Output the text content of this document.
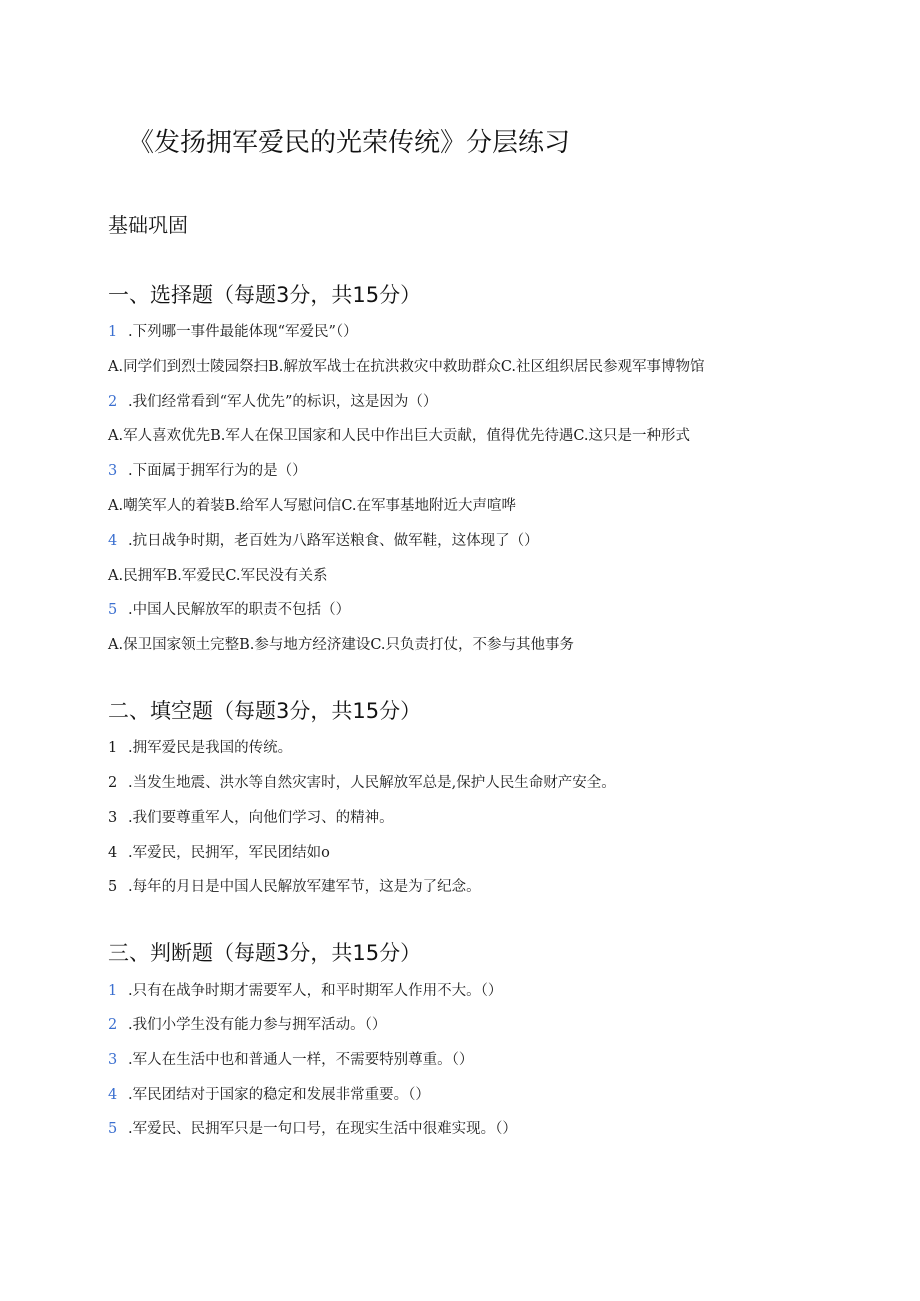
《发扬拥军爱民的光荣传统》分层练习
基础巩固
一、选择题（每题3分，共15分）
1 .下列哪一事件最能体现“军爱民”（）
A.同学们到烈士陵园祭扫B.解放军战士在抗洪救灾中救助群众C.社区组织居民参观军事博物馆
2 .我们经常看到“军人优先”的标识，这是因为（）
A.军人喜欢优先B.军人在保卫国家和人民中作出巨大贡献，值得优先待遇C.这只是一种形式
3 .下面属于拥军行为的是（）
A.嘲笑军人的着装B.给军人写慰问信C.在军事基地附近大声喧哗
4 .抗日战争时期，老百姓为八路军送粮食、做军鞋，这体现了（）
A.民拥军B.军爱民C.军民没有关系
5 .中国人民解放军的职责不包括（）
A.保卫国家领土完整B.参与地方经济建设C.只负责打仗，不参与其他事务
二、填空题（每题3分，共15分）
1 .拥军爱民是我国的传统。
2 .当发生地震、洪水等自然灾害时，人民解放军总是,保护人民生命财产安全。
3 .我们要尊重军人，向他们学习、的精神。
4 .军爱民，民拥军，军民团结如o
5 .每年的月日是中国人民解放军建军节，这是为了纪念。
三、判断题（每题3分，共15分）
1 .只有在战争时期才需要军人，和平时期军人作用不大。（）
2 .我们小学生没有能力参与拥军活动。（）
3 .军人在生活中也和普通人一样，不需要特别尊重。（）
4 .军民团结对于国家的稳定和发展非常重要。（）
5 .军爱民、民拥军只是一句口号，在现实生活中很难实现。（）
